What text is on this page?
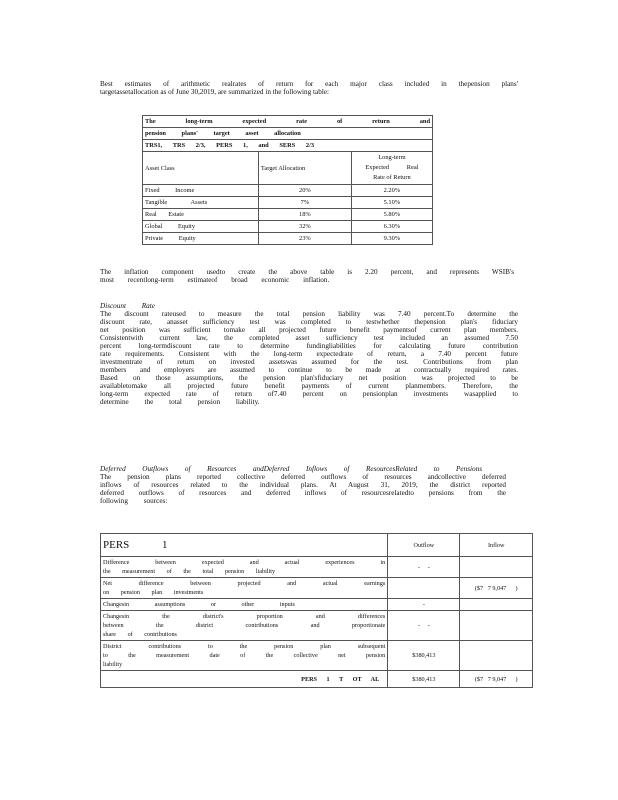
Best estimates of arithmetic realrates of return for each major class included in thepension plans'

targetassetallocation as of June 30,2019, are summarized in the following table:

The long-term expected rate of return and		
pension plans' target asset allocation		
TRS1, TRS 2/3, PERS 1, and SERS 2/3		
Asset Class	Target Allocation	Long-term
Expected Real
Rate of Return

Fixed Income	20%	2.20%
Tangible Assets	7%	5.10%
Real Estate	18%	5.80%
Global Equity	32%	6.30%
Private Equity	23%	9.30%

The inflation component usedto create the above table is 2.20 percent, and represents WSIB's

most recentlong-term estimateof broad economic inflation.

Discount Rate

The discount rateused to measure the total pension liability was 7.40 percent.To determine the

discount rate, anasset sufficiency test was completed to testwhether thepension plan's fiduciary

net position was sufficient tomake all projected future benefit paymentsof current plan members.

Consistentwith current law, the completed asset sufficiency test included an assumed 7.50

percent long-termdiscount rate to determine fundingliabilities for calculating future contribution

rate requirements. Consistent with the long-term expectedrate of return, a 7.40 percent future

investmentrate of return on invested assetswas assumed for the test. Contributions from plan

members and employers are assumed to continue to be made at contractually required rates.

Based on those assumptions, the pension plan'sfiduciary net position was projected to be

availabletomake all projected future benefit payments of current planmembers. Therefore, the

long-term expected rate of return of7.40 percent on pensionplan investments wasapplied to

determine the total pension liability.

Deferred Outflows of Resources andDeferred Inflows of ResourcesRelated to Pensions

The pension plans reported collective deferred outflows of resources andcollective deferred

inflows of resources related to the individual plans. At August 31, 2019, the district reported

deferred outflows of resources and deferred inflows of resourcesrelatedto pensions from the

following sources:

PERS 1	Outflow	Inflow

Difference between expected and actual experiences in
the measurement of the total pension liability	-     -	

Net difference between projected and actual earnings
on pension plan investments		($7   7 9,047      )

Changesin assumptions or other inputs	-	

Changesin the district's proportion and differences
between the district contributions and proportionate
share of contributions	-     -	

District contributions to the pension plan subsequent
to the measurement date of the collective net pension
liability	$380,413	
PERS 1 T OT AL	$380,413	($7   7 9,047      )
